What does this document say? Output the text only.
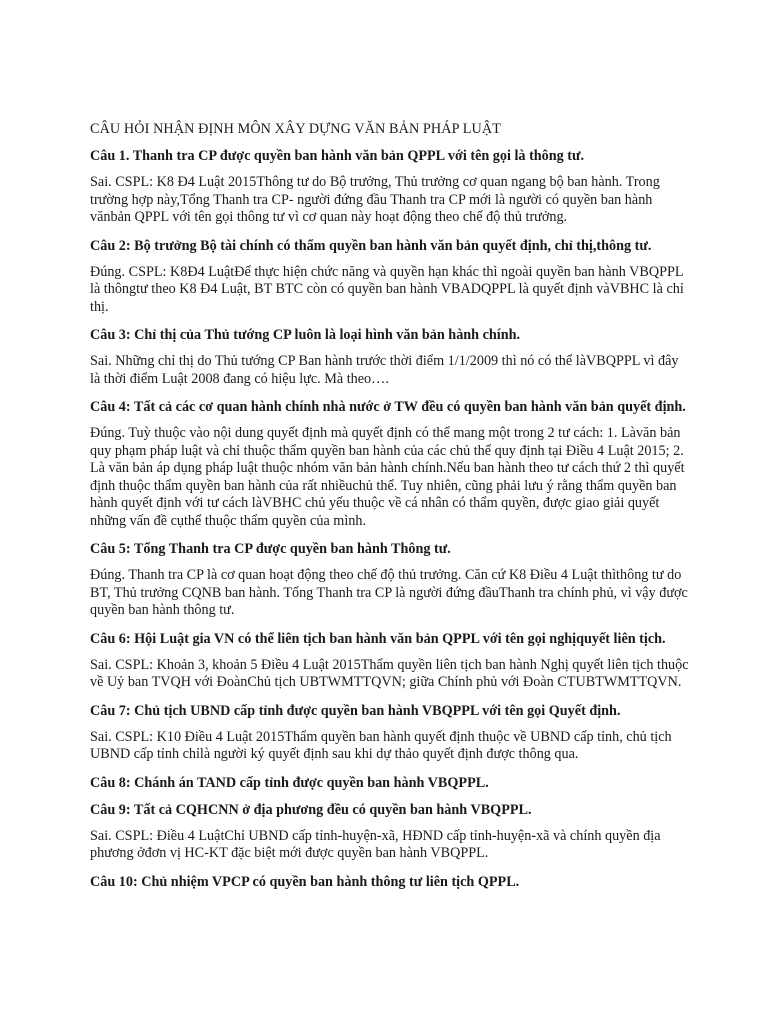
CÂU HỎI NHẬN ĐỊNH MÔN XÂY DỰNG VĂN BẢN PHÁP LUẬT

Câu 1. Thanh tra CP được quyền ban hành văn bản QPPL với tên gọi là thông tư.

Sai. CSPL: K8 Đ4 Luật 2015Thông tư do Bộ trưởng, Thủ trưởng cơ quan ngang bộ ban hành. Trong trường hợp này,Tổng Thanh tra CP- người đứng đầu Thanh tra CP mới là người có quyền ban hành vănbản QPPL với tên gọi thông tư vì cơ quan này hoạt động theo chế độ thủ trưởng.

Câu 2: Bộ trưởng Bộ tài chính có thẩm quyền ban hành văn bản quyết định, chỉ thị,thông tư.

Đúng. CSPL: K8Đ4 LuậtĐể thực hiện chức năng và quyền hạn khác thì ngoài quyền ban hành VBQPPL là thôngtư theo K8 Đ4 Luật, BT BTC còn có quyền ban hành VBADQPPL là quyết định vàVBHC là chỉ thị.

Câu 3: Chỉ thị của Thủ tướng CP luôn là loại hình văn bản hành chính.

Sai. Những chỉ thị do Thủ tướng CP Ban hành trước thời điểm 1/1/2009 thì nó có thể làVBQPPL vì đây là thời điểm Luật 2008 đang có hiệu lực. Mà theo….

Câu 4: Tất cả các cơ quan hành chính nhà nước ở TW đều có quyền ban hành văn bản quyết định.

Đúng. Tuỳ thuộc vào nội dung quyết định mà quyết định có thể mang một trong 2 tư cách: 1. Làvăn bản quy phạm pháp luật và chỉ thuộc thẩm quyền ban hành của các chủ thể quy định tại Điều 4 Luật 2015; 2. Là văn bản áp dụng pháp luật thuộc nhóm văn bản hành chính.Nếu ban hành theo tư cách thứ 2 thì quyết định thuộc thẩm quyền ban hành của rất nhiềuchủ thể. Tuy nhiên, cũng phải lưu ý rằng thẩm quyền ban hành quyết định với tư cách làVBHC chủ yếu thuộc về cá nhân có thẩm quyền, được giao giải quyết những vấn đề cụthể thuộc thẩm quyền của mình.

Câu 5: Tổng Thanh tra CP được quyền ban hành Thông tư.

Đúng. Thanh tra CP là cơ quan hoạt động theo chế độ thủ trưởng. Căn cứ K8 Điều 4 Luật thìthông tư do BT, Thủ trưởng CQNB ban hành. Tổng Thanh tra CP là người đứng đầuThanh tra chính phủ, vì vậy được quyền ban hành thông tư.

Câu 6: Hội Luật gia VN có thể liên tịch ban hành văn bản QPPL với tên gọi nghịquyết liên tịch.

Sai. CSPL: Khoản 3, khoản 5 Điều 4 Luật 2015Thẩm quyền liên tịch ban hành Nghị quyết liên tịch thuộc về Uỷ ban TVQH với ĐoànChủ tịch UBTWMTTQVN; giữa Chính phủ với Đoàn CTUBTWMTTQVN.

Câu 7: Chủ tịch UBND cấp tỉnh được quyền ban hành VBQPPL với tên gọi Quyết định.

Sai. CSPL: K10 Điều 4 Luật 2015Thẩm quyền ban hành quyết định thuộc về UBND cấp tỉnh, chủ tịch UBND cấp tỉnh chỉlà người ký quyết định sau khi dự thảo quyết định được thông qua.

Câu 8: Chánh án TAND cấp tỉnh được quyền ban hành VBQPPL.

Câu 9: Tất cả CQHCNN ở địa phương đều có quyền ban hành VBQPPL.

Sai. CSPL: Điều 4 LuậtChỉ UBND cấp tỉnh-huyện-xã, HĐND cấp tỉnh-huyện-xã và chính quyền địa phương ởđơn vị HC-KT đặc biệt mới được quyền ban hành VBQPPL.

Câu 10: Chủ nhiệm VPCP có quyền ban hành thông tư liên tịch QPPL.
